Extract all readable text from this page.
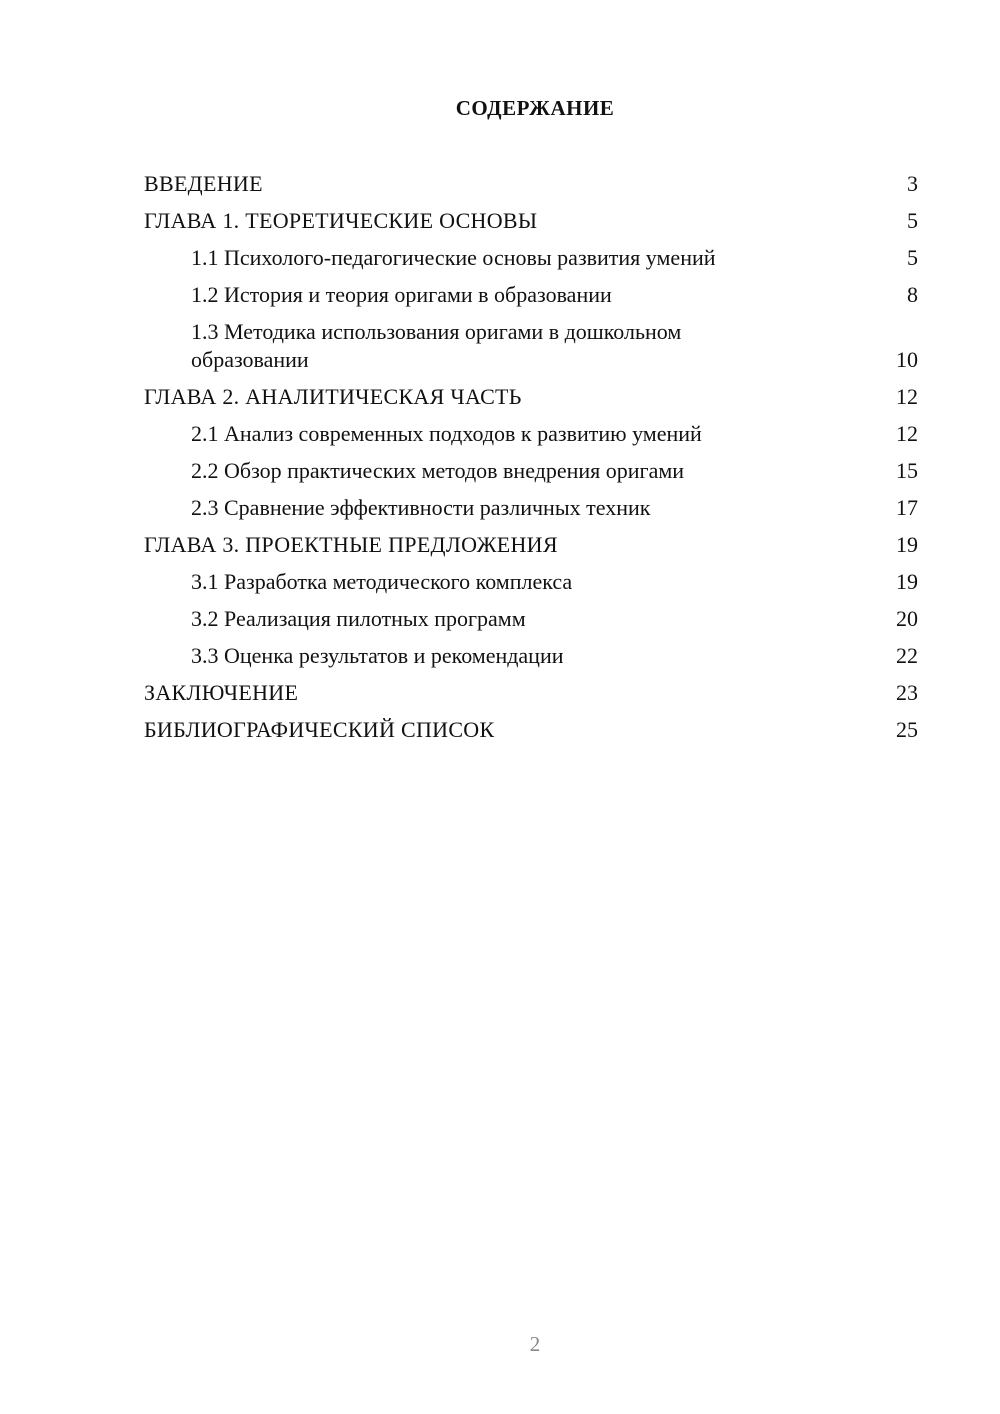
СОДЕРЖАНИЕ
ВВЕДЕНИЕ	3
ГЛАВА 1. ТЕОРЕТИЧЕСКИЕ ОСНОВЫ	5
1.1 Психолого-педагогические основы развития умений	5
1.2 История и теория оригами в образовании	8
1.3 Методика использования оригами в дошкольном образовании	10
ГЛАВА 2. АНАЛИТИЧЕСКАЯ ЧАСТЬ	12
2.1 Анализ современных подходов к развитию умений	12
2.2 Обзор практических методов внедрения оригами	15
2.3 Сравнение эффективности различных техник	17
ГЛАВА 3. ПРОЕКТНЫЕ ПРЕДЛОЖЕНИЯ	19
3.1 Разработка методического комплекса	19
3.2 Реализация пилотных программ	20
3.3 Оценка результатов и рекомендации	22
ЗАКЛЮЧЕНИЕ	23
БИБЛИОГРАФИЧЕСКИЙ СПИСОК	25
2
